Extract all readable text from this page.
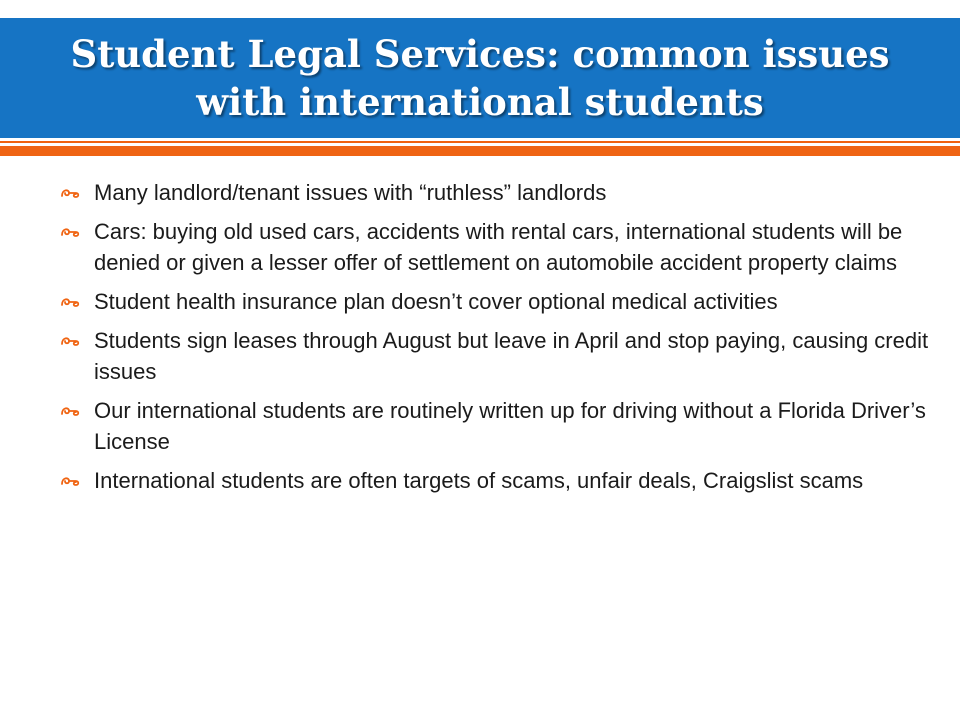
Student Legal Services: common issues with international students
Many landlord/tenant issues with “ruthless” landlords
Cars: buying old used cars, accidents with rental cars, international students will be denied or given a lesser offer of settlement on automobile accident property claims
Student health insurance plan doesn’t cover optional medical activities
Students sign leases through August but leave in April and stop paying, causing credit issues
Our international students are routinely written up for driving without a Florida Driver’s License
International students are often targets of scams, unfair deals, Craigslist scams
